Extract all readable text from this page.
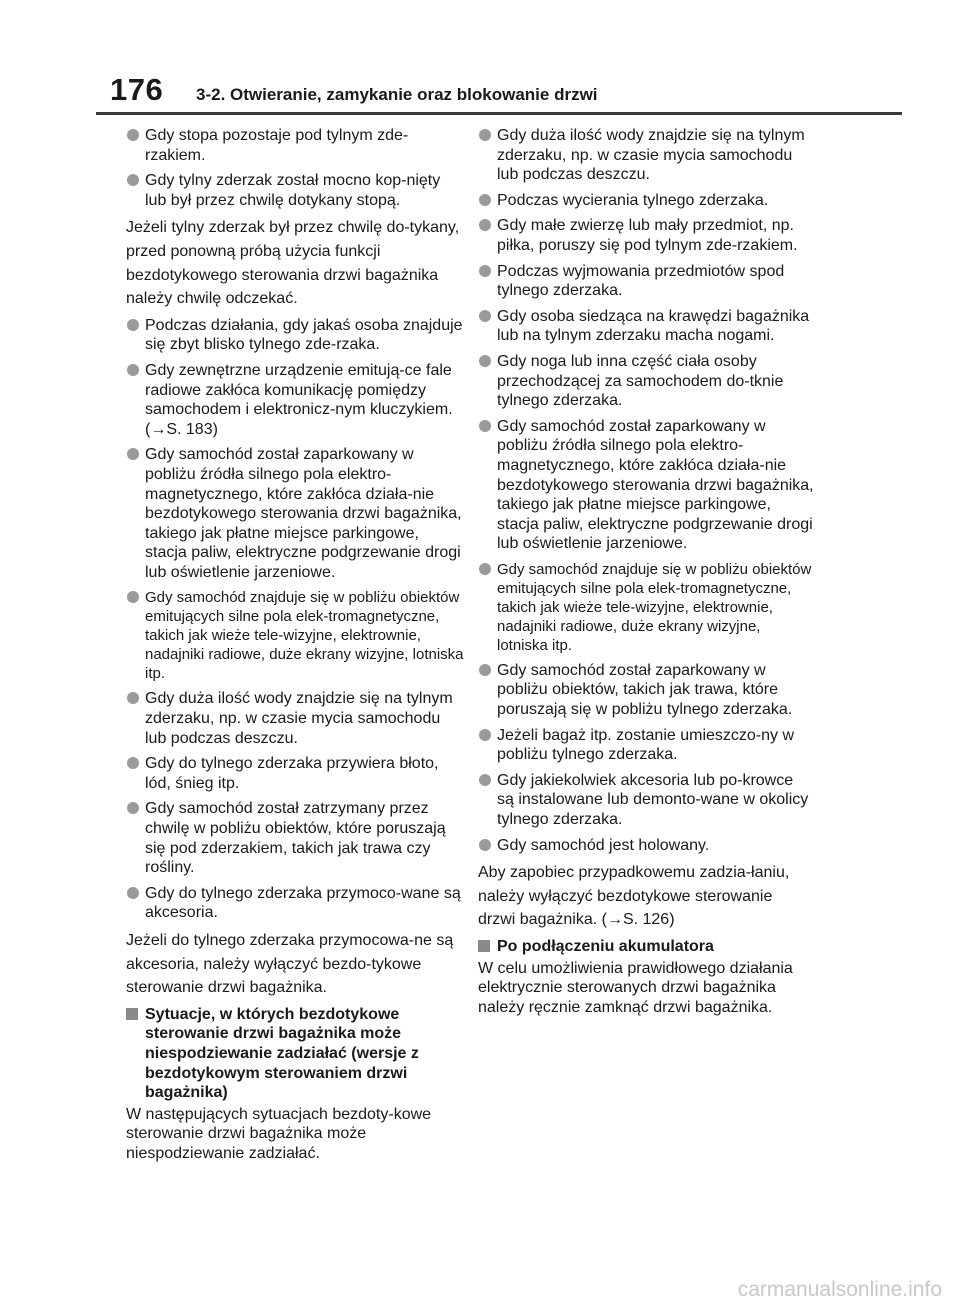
176 3-2. Otwieranie, zamykanie oraz blokowanie drzwi
Gdy stopa pozostaje pod tylnym zde-rzakiem.
Gdy tylny zderzak został mocno kop-nięty lub był przez chwilę dotykany stopą.
Jeżeli tylny zderzak był przez chwilę do-tykany, przed ponowną próbą użycia funkcji bezdotykowego sterowania drzwi bagażnika należy chwilę odczekać.
Podczas działania, gdy jakaś osoba znajduje się zbyt blisko tylnego zde-rzaka.
Gdy zewnętrzne urządzenie emitują-ce fale radiowe zakłóca komunikację pomiędzy samochodem i elektronicz-nym kluczykiem. (→S. 183)
Gdy samochód został zaparkowany w pobliżu źródła silnego pola elektro-magnetycznego, które zakłóca działa-nie bezdotykowego sterowania drzwi bagażnika, takiego jak płatne miejsce parkingowe, stacja paliw, elektryczne podgrzewanie drogi lub oświetlenie jarzeniowe.
Gdy samochód znajduje się w pobliżu obiektów emitujących silne pola elek-tromagnetyczne, takich jak wieże tele-wizyjne, elektrownie, nadajniki radiowe, duże ekrany wizyjne, lotniska itp.
Gdy duża ilość wody znajdzie się na tylnym zderzaku, np. w czasie mycia samochodu lub podczas deszczu.
Gdy do tylnego zderzaka przywiera błoto, lód, śnieg itp.
Gdy samochód został zatrzymany przez chwilę w pobliżu obiektów, które poruszają się pod zderzakiem, takich jak trawa czy rośliny.
Gdy do tylnego zderzaka przymoco-wane są akcesoria.
Jeżeli do tylnego zderzaka przymocowa-ne są akcesoria, należy wyłączyć bezdo-tykowe sterowanie drzwi bagażnika.
Sytuacje, w których bezdotykowe sterowanie drzwi bagażnika może niespodziewanie zadziałać (wersje z bezdotykowym sterowaniem drzwi bagażnika)
W następujących sytuacjach bezdoty-kowe sterowanie drzwi bagażnika może niespodziewanie zadziałać.
Gdy duża ilość wody znajdzie się na tylnym zderzaku, np. w czasie mycia samochodu lub podczas deszczu.
Podczas wycierania tylnego zderzaka.
Gdy małe zwierzę lub mały przedmiot, np. piłka, poruszy się pod tylnym zde-rzakiem.
Podczas wyjmowania przedmiotów spod tylnego zderzaka.
Gdy osoba siedząca na krawędzi bagażnika lub na tylnym zderzaku macha nogami.
Gdy noga lub inna część ciała osoby przechodzącej za samochodem do-tknie tylnego zderzaka.
Gdy samochód został zaparkowany w pobliżu źródła silnego pola elektro-magnetycznego, które zakłóca działa-nie bezdotykowego sterowania drzwi bagażnika, takiego jak płatne miejsce parkingowe, stacja paliw, elektryczne podgrzewanie drogi lub oświetlenie jarzeniowe.
Gdy samochód znajduje się w pobliżu obiektów emitujących silne pola elek-tromagnetyczne, takich jak wieże tele-wizyjne, elektrownie, nadajniki radiowe, duże ekrany wizyjne, lotniska itp.
Gdy samochód został zaparkowany w pobliżu obiektów, takich jak trawa, które poruszają się w pobliżu tylnego zderzaka.
Jeżeli bagaż itp. zostanie umieszczo-ny w pobliżu tylnego zderzaka.
Gdy jakiekolwiek akcesoria lub po-krowce są instalowane lub demonto-wane w okolicy tylnego zderzaka.
Gdy samochód jest holowany.
Aby zapobiec przypadkowemu zadzia-łaniu, należy wyłączyć bezdotykowe sterowanie drzwi bagażnika. (→S. 126)
Po podłączeniu akumulatora
W celu umożliwienia prawidłowego działania elektrycznie sterowanych drzwi bagażnika należy ręcznie zamknąć drzwi bagażnika.
carmanualsonline.info
